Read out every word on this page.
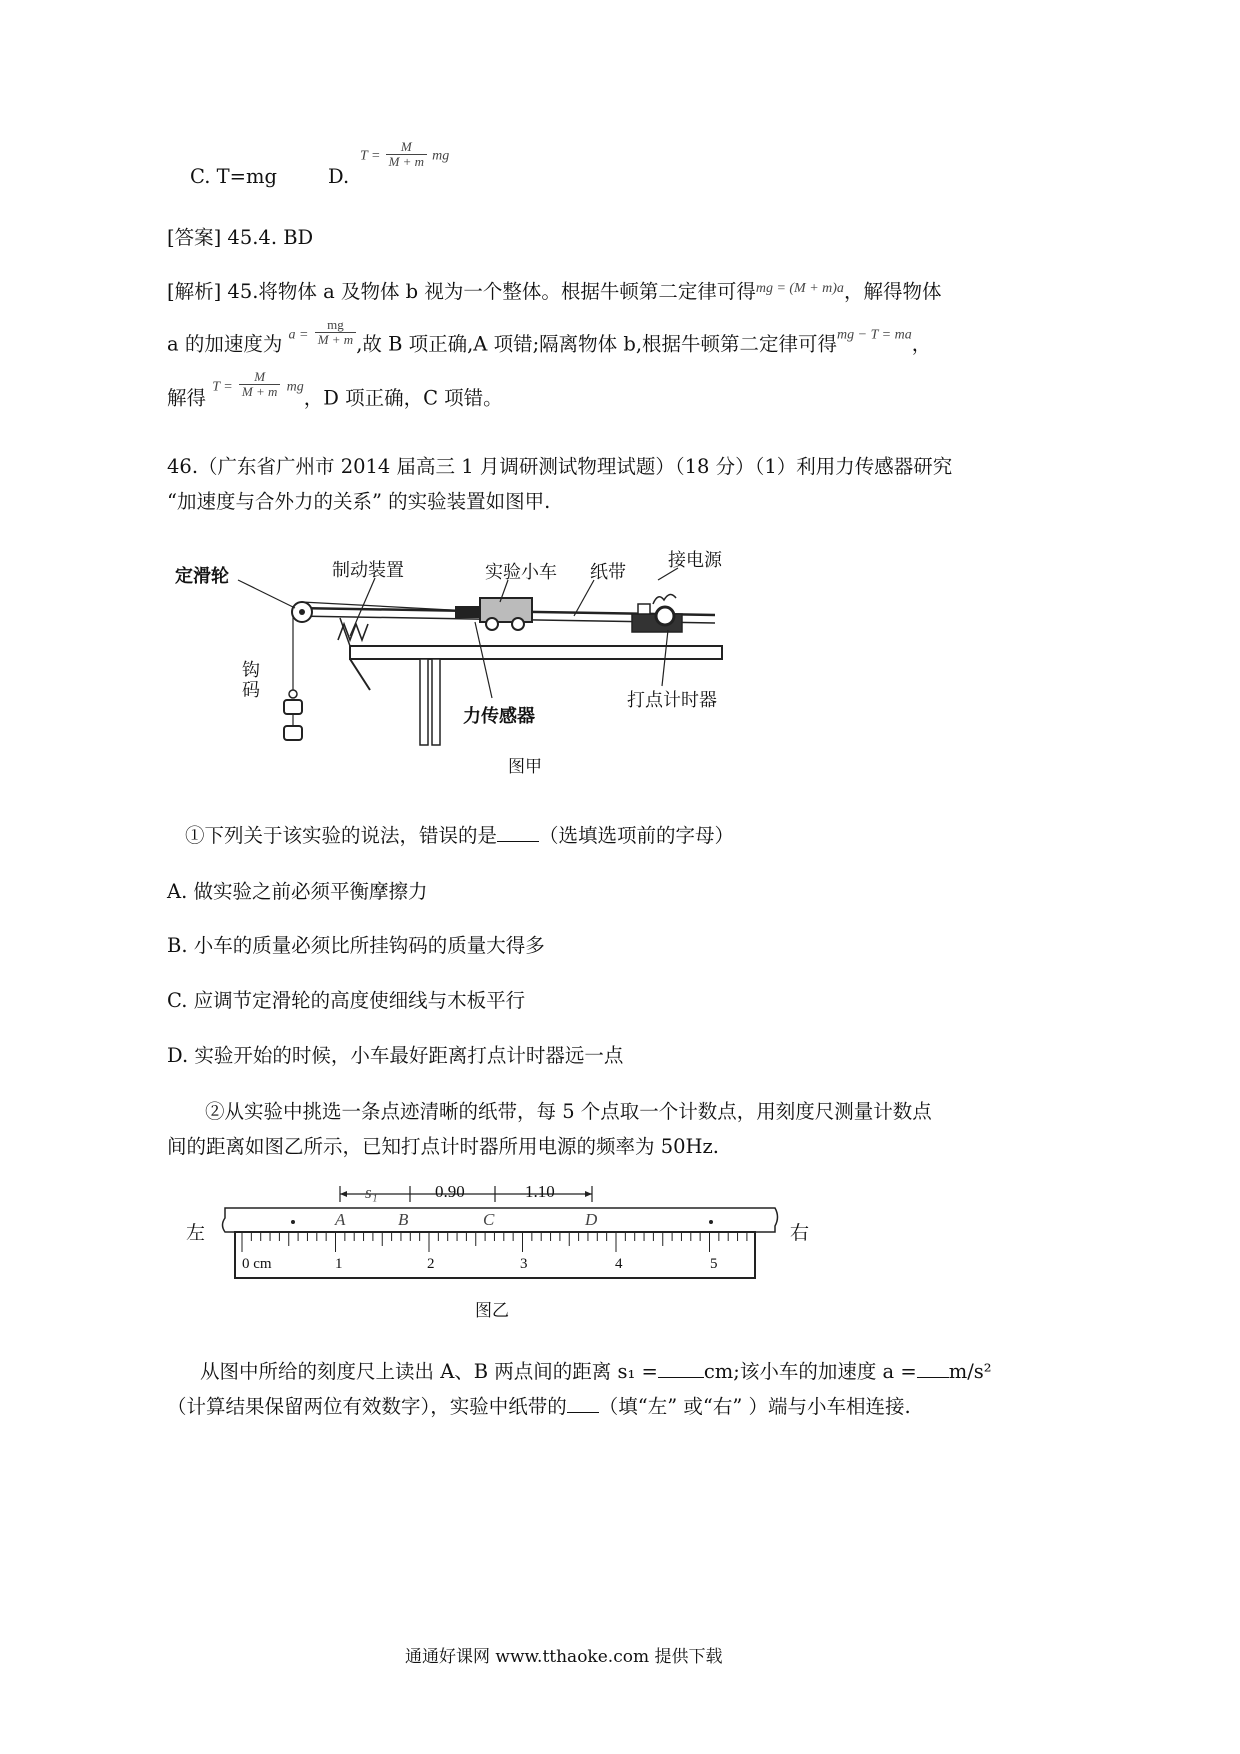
C. T=mg	D.
$T = \frac{M}{M + m}$ mg
[答案] 45.4. BD
[解析] 45.将物体 a 及物体 b 视为一个整体。根据牛顿第二定律可得$^{mg = (M + m)a}$，解得物体
a 的加速度为 $a = \frac{mg}{M + m}$ ,故 B 项正确,A 项错;隔离物体 b,根据牛顿第二定律可得mg − T = ma，
解得 $T = \frac{M}{M + m}$ mg，D 项正确，C 项错。
46.（广东省广州市 2014 届高三 1 月调研测试物理试题）（18 分）（1）利用力传感器研究
“加速度与合外力的关系” 的实验装置如图甲.
定滑轮	制动装置	实验小车 纸带
接电源
钩
码
力传感器
打点计时器
图甲
①下列关于该实验的说法，错误的是 （选填选项前的字母）
A. 做实验之前必须平衡摩擦力
B. 小车的质量必须比所挂钩码的质量大得多
C. 应调节定滑轮的高度使细线与木板平行
D. 实验开始的时候，小车最好距离打点计时器远一点
②从实验中挑选一条点迹清晰的纸带，每 5 个点取一个计数点，用刻度尺测量计数点
间的距离如图乙所示，已知打点计时器所用电源的频率为 50Hz.
左	右
s₁	0.90	1.10
A	B	C	D
0 cm	1	2	3	4	5
图乙
从图中所给的刻度尺上读出 A、B 两点间的距离 s₁ = cm;该小车的加速度 a = m/s²
（计算结果保留两位有效数字），实验中纸带的 （填“左” 或“右” ）端与小车相连接.
通通好课网 www.tthaoke.com 提供下载
